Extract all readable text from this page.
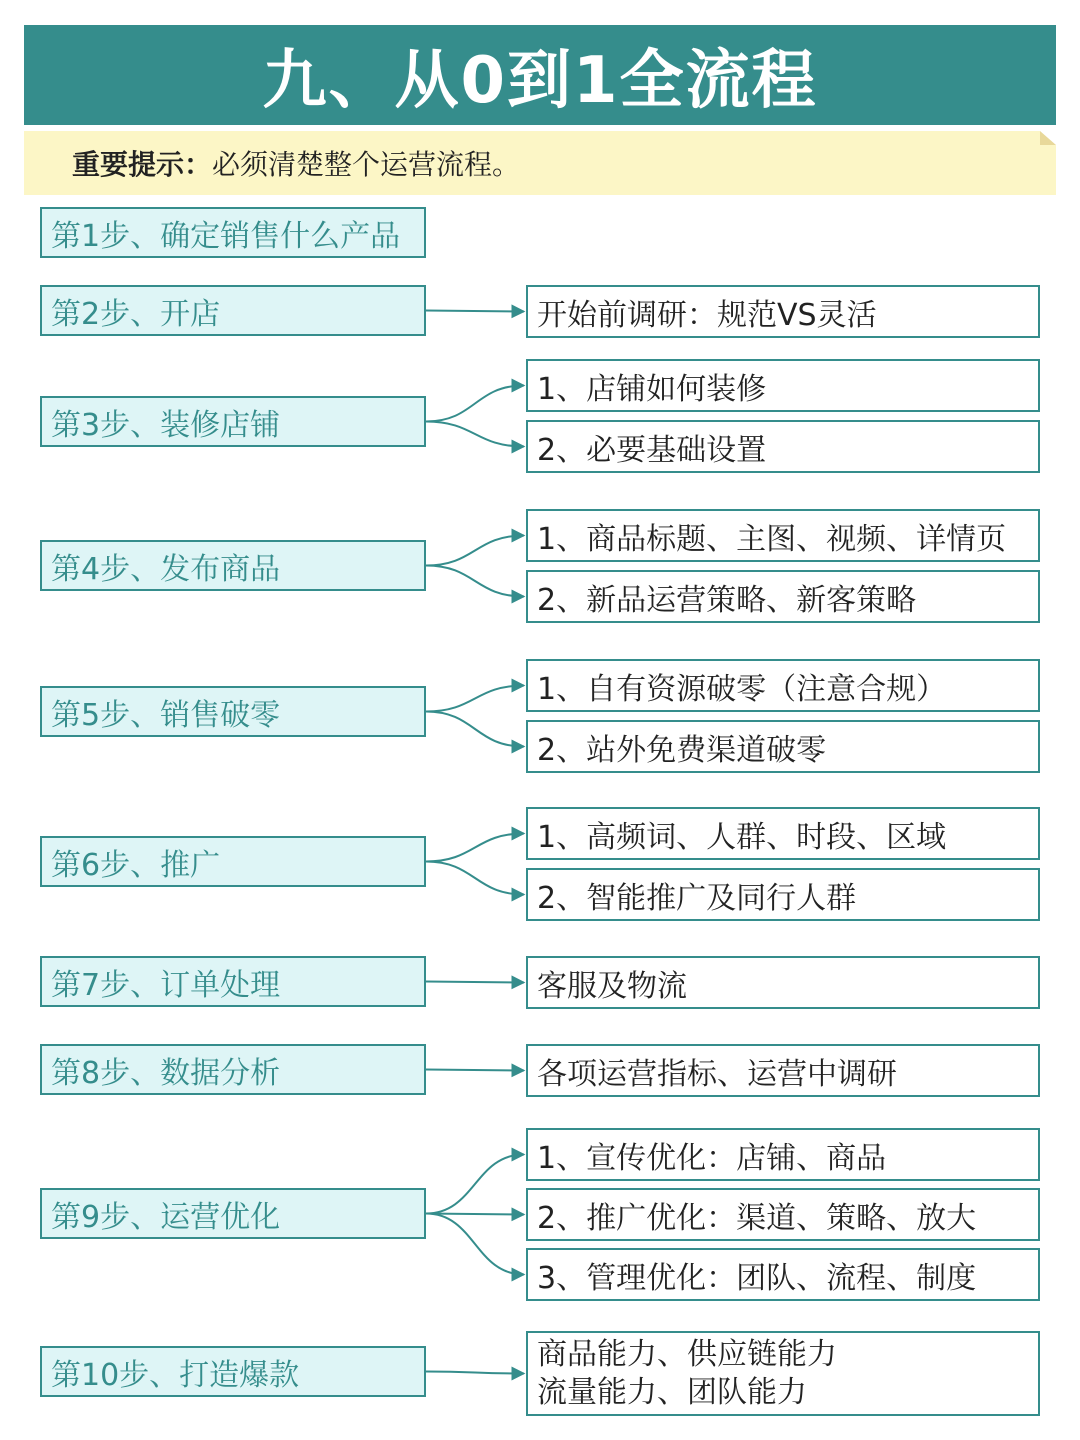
九、从0到1全流程
重要提示： 必须清楚整个运营流程。
第1步、确定销售什么产品
第2步、开店
第3步、装修店铺
第4步、发布商品
第5步、销售破零
第6步、推广
第7步、订单处理
第8步、数据分析
第9步、运营优化
第10步、打造爆款
开始前调研：规范VS灵活
1、店铺如何装修
2、必要基础设置
1、商品标题、主图、视频、详情页
2、新品运营策略、新客策略
1、自有资源破零（注意合规）
2、站外免费渠道破零
1、高频词、人群、时段、区域
2、智能推广及同行人群
客服及物流
各项运营指标、运营中调研
1、宣传优化：店铺、商品
2、推广优化：渠道、策略、放大
3、管理优化：团队、流程、制度
商品能力、供应链能力
流量能力、团队能力
